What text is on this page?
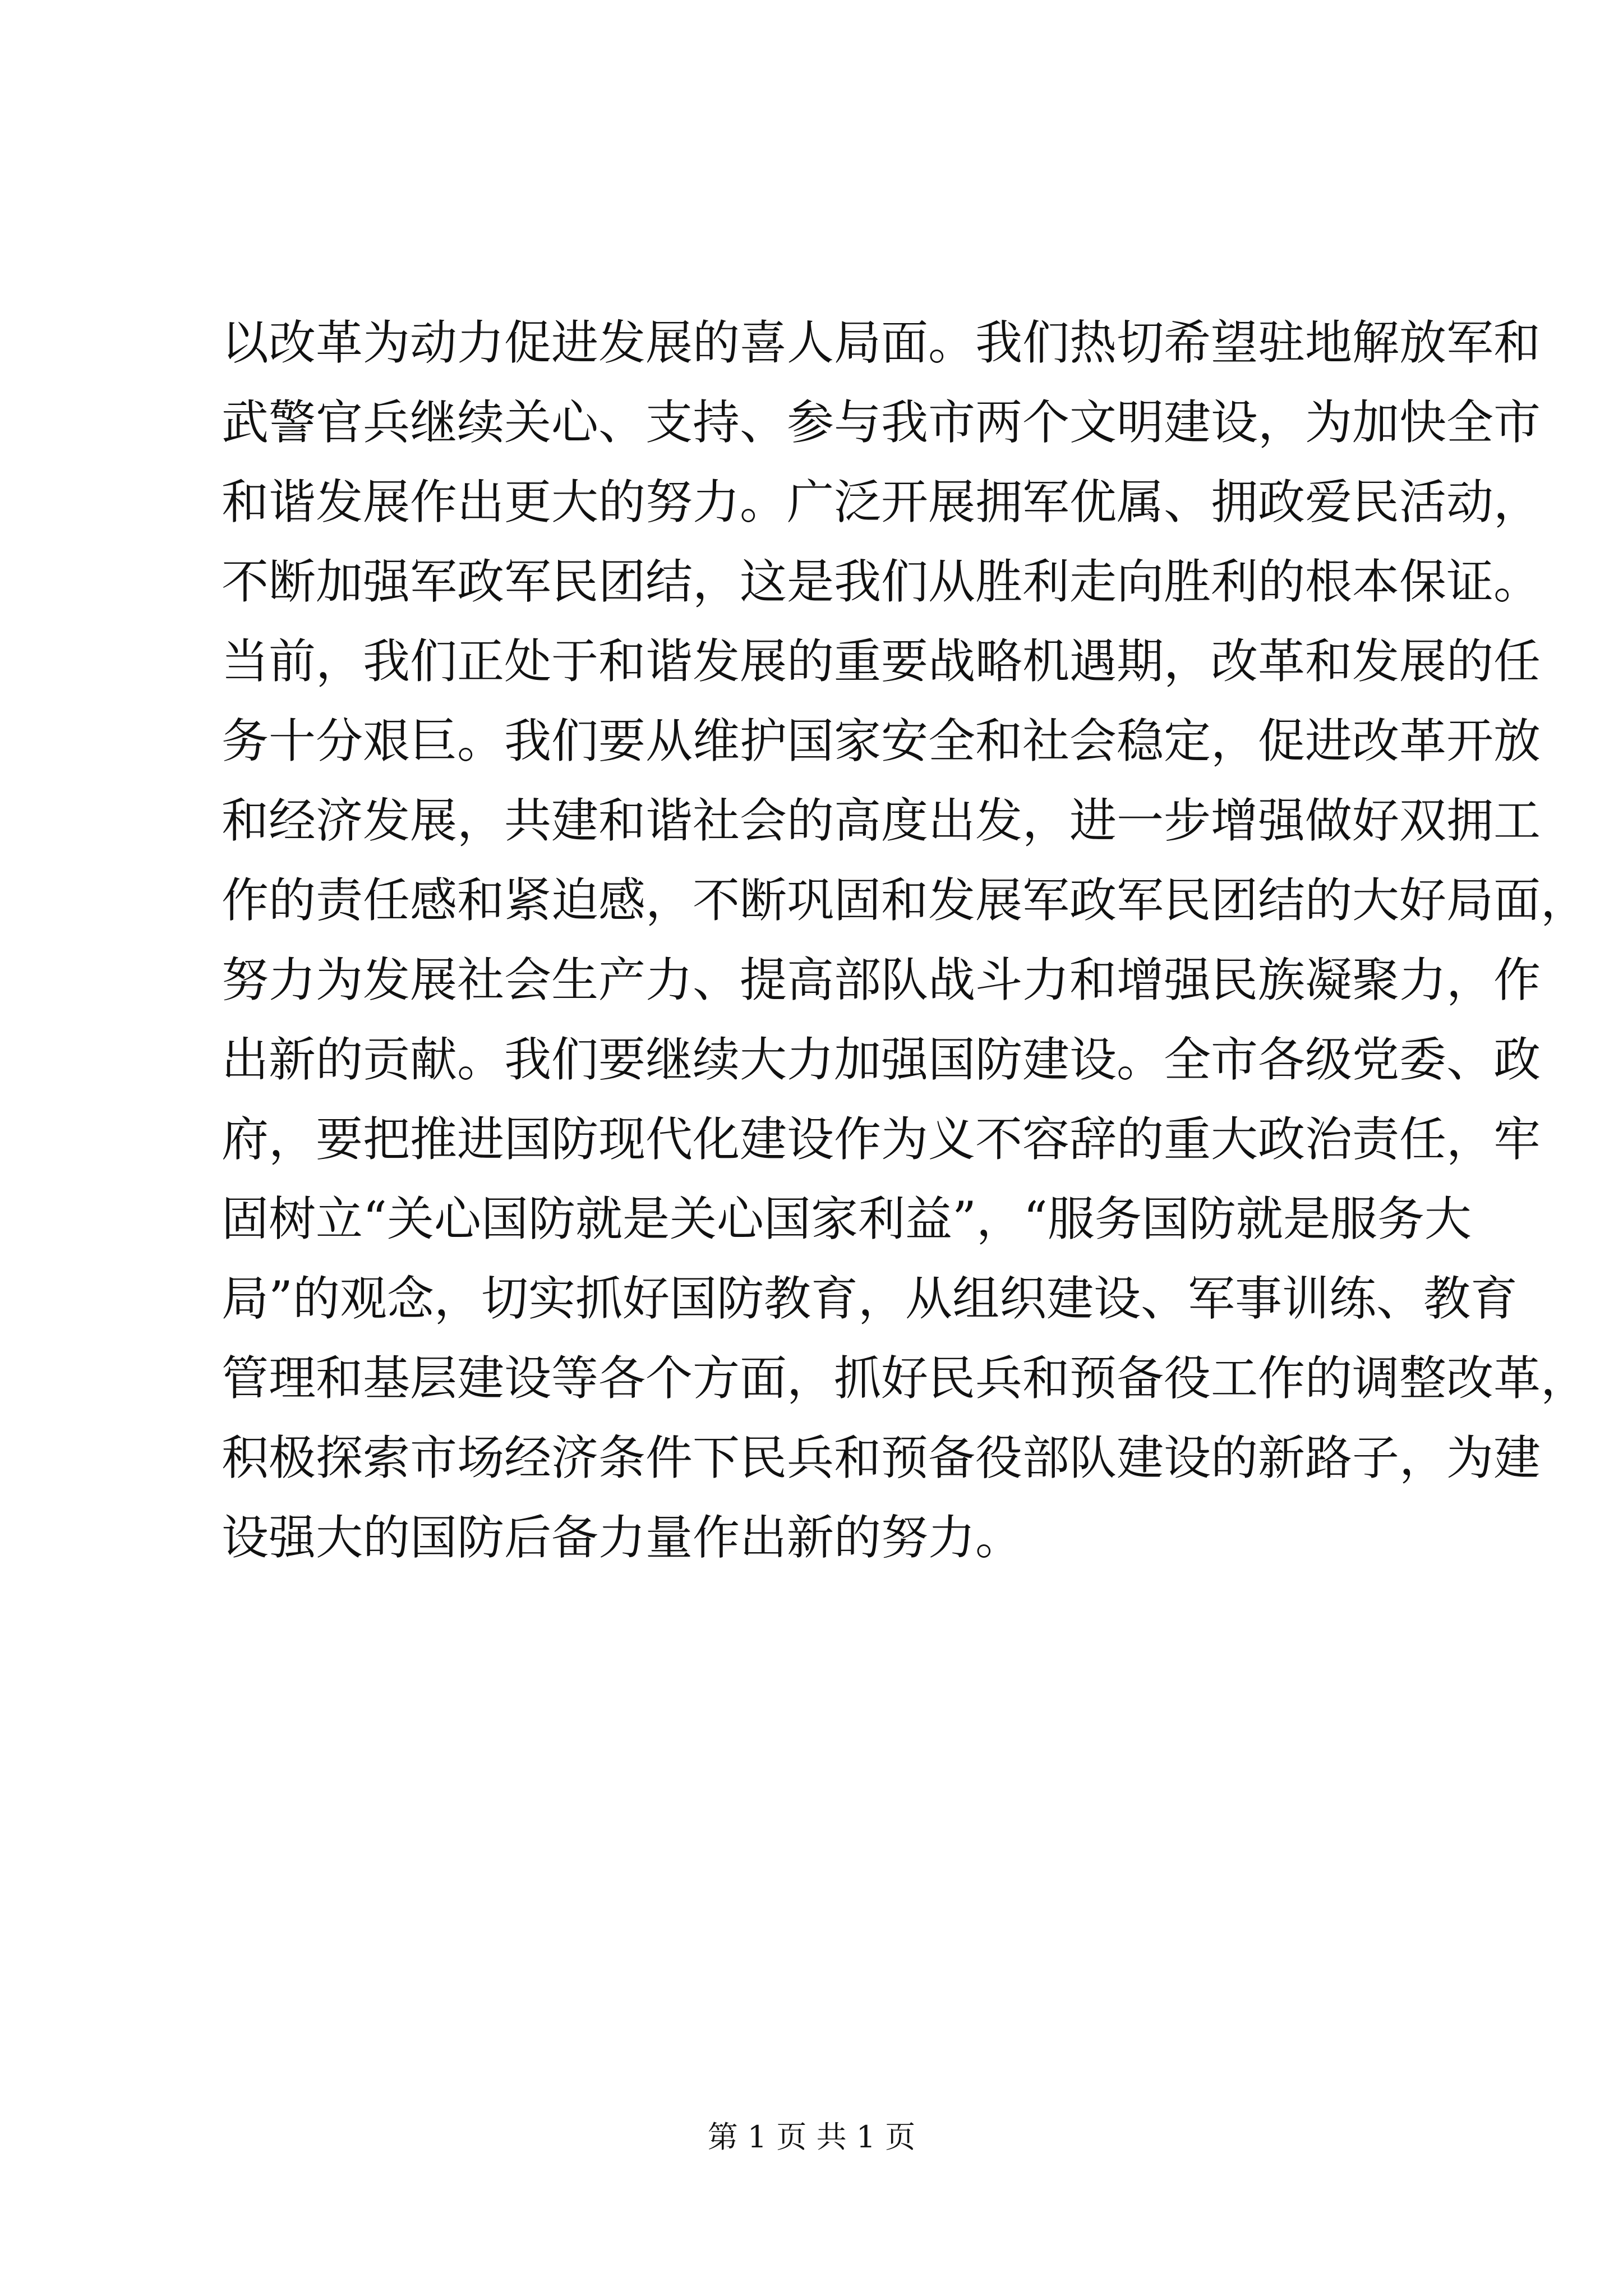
以改革为动力促进发展的喜人局面。我们热切希望驻地解放军和
武警官兵继续关心、支持、参与我市两个文明建设，为加快全市
和谐发展作出更大的努力。广泛开展拥军优属、拥政爱民活动，
不断加强军政军民团结，这是我们从胜利走向胜利的根本保证。
当前，我们正处于和谐发展的重要战略机遇期，改革和发展的任
务十分艰巨。我们要从维护国家安全和社会稳定，促进改革开放
和经济发展，共建和谐社会的高度出发，进一步增强做好双拥工
作的责任感和紧迫感，不断巩固和发展军政军民团结的大好局面，
努力为发展社会生产力、提高部队战斗力和增强民族凝聚力，作
出新的贡献。我们要继续大力加强国防建设。全市各级党委、政
府，要把推进国防现代化建设作为义不容辞的重大政治责任，牢
固树立“关心国防就是关心国家利益”，“服务国防就是服务大
局”的观念，切实抓好国防教育，从组织建设、军事训练、教育
管理和基层建设等各个方面，抓好民兵和预备役工作的调整改革，
积极探索市场经济条件下民兵和预备役部队建设的新路子，为建
设强大的国防后备力量作出新的努力。
第 1 页 共 1 页
